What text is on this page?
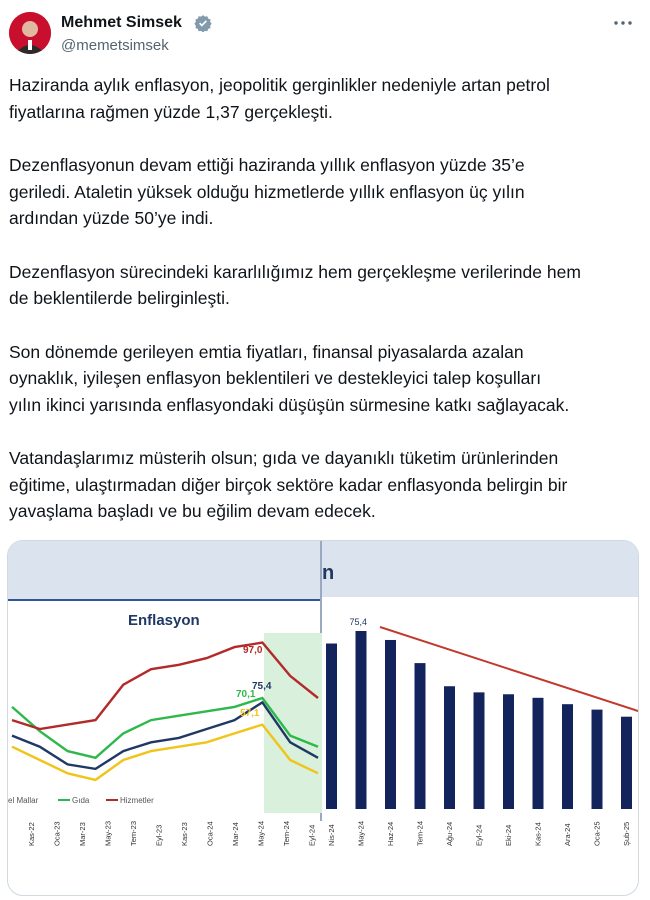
Mehmet Simsek
@memetsimsek

Haziranda aylık enflasyon, jeopolitik gerginlikler nedeniyle artan petrol
fiyatlarına rağmen yüzde 1,37 gerçekleşti.

Dezenflasyonun devam ettiği haziranda yıllık enflasyon yüzde 35’e
geriledi. Ataletin yüksek olduğu hizmetlerde yıllık enflasyon üç yılın
ardından yüzde 50’ye indi.

Dezenflasyon sürecindeki kararlılığımız hem gerçekleşme verilerinde hem
de beklentilerde belirginleşti.

Son dönemde gerileyen emtia fiyatları, finansal piyasalarda azalan
oynaklık, iyileşen enflasyon beklentileri ve destekleyici talep koşulları
yılın ikinci yarısında enflasyondaki düşüşün sürmesine katkı sağlayacak.

Vatandaşlarımız müsterih olsun; gıda ve dayanıklı tüketim ürünlerinden
eğitime, ulaştırmadan diğer birçok sektöre kadar enflasyonda belirgin bir
yavaşlama başladı ve bu eğilim devam edecek.

n
Enflasyon
97,0
75,4
70,1
57,1
el Mallar	Gıda	Hizmetler
Kas-22 Oca-23 Mar-23 May-23 Tem-23 Eyl-23 Kas-23 Oca-24 Mar-24 May-24 Tem-24 Eyl-24
75,4
Nis-24	May-24	Haz-24	Tem-24	Ağu-24	Eyl-24	Eki-24	Kas-24	Ara-24	Oca-25	Şub-25
